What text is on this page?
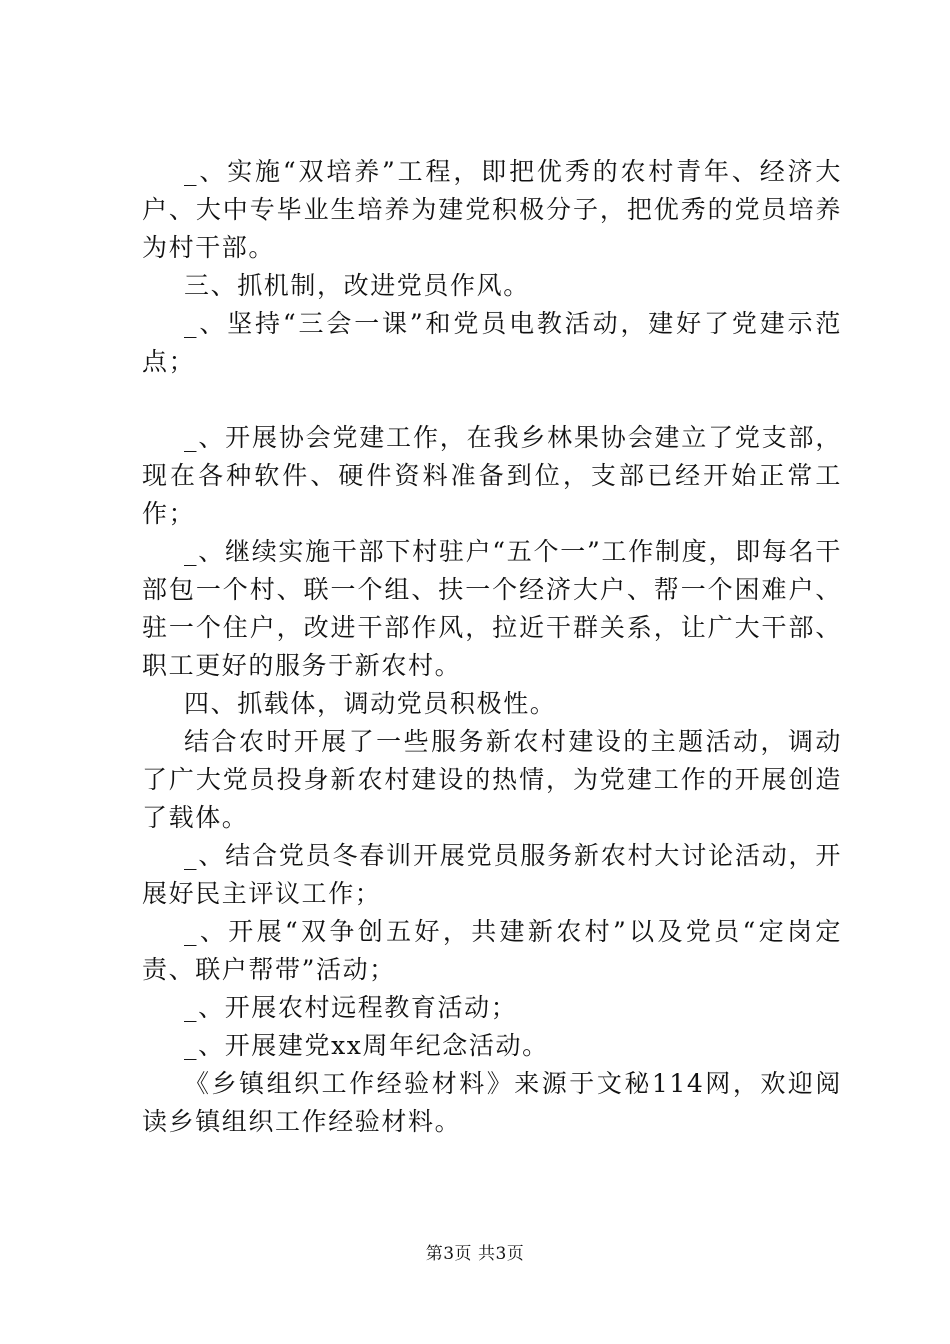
_、实施“双培养”工程，即把优秀的农村青年、经济大户、大中专毕业生培养为建党积极分子，把优秀的党员培养为村干部。

三、抓机制，改进党员作风。

_、坚持“三会一课”和党员电教活动，建好了党建示范点；

_、开展协会党建工作，在我乡林果协会建立了党支部，现在各种软件、硬件资料准备到位，支部已经开始正常工作；

_、继续实施干部下村驻户“五个一”工作制度，即每名干部包一个村、联一个组、扶一个经济大户、帮一个困难户、驻一个住户，改进干部作风，拉近干群关系，让广大干部、职工更好的服务于新农村。

四、抓载体，调动党员积极性。

结合农时开展了一些服务新农村建设的主题活动，调动了广大党员投身新农村建设的热情，为党建工作的开展创造了载体。

_、结合党员冬春训开展党员服务新农村大讨论活动，开展好民主评议工作；

_、开展“双争创五好，共建新农村”以及党员“定岗定责、联户帮带”活动；

_、开展农村远程教育活动；

_、开展建党xx周年纪念活动。

《乡镇组织工作经验材料》来源于文秘114网，欢迎阅读乡镇组织工作经验材料。

第3页 共3页
